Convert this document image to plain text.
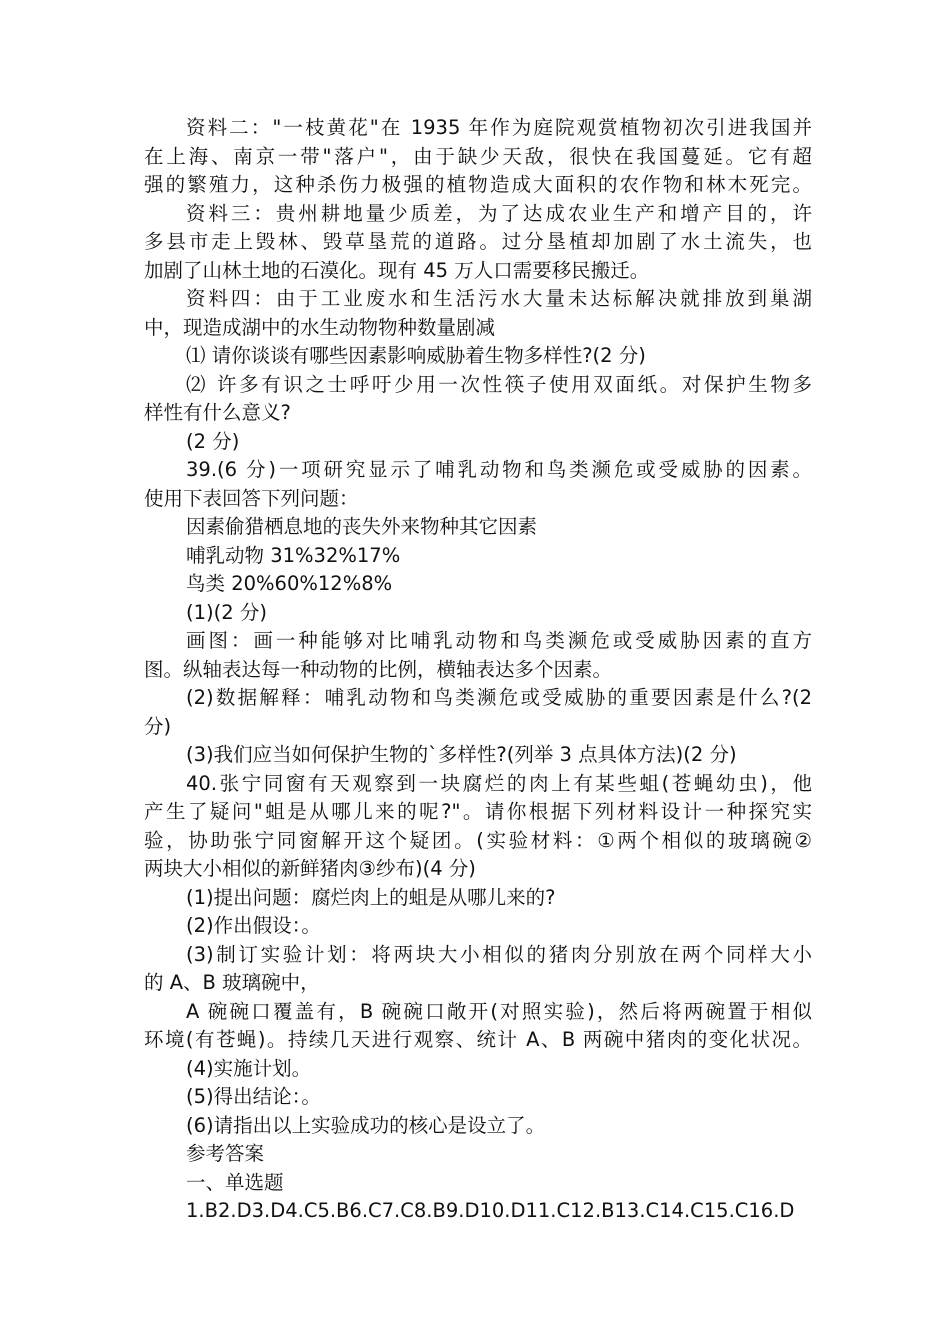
资料二："一枝黄花"在 1935 年作为庭院观赏植物初次引进我国并
在上海、南京一带"落户"，由于缺少天敌，很快在我国蔓延。它有超
强的繁殖力，这种杀伤力极强的植物造成大面积的农作物和林木死完。
资料三：贵州耕地量少质差，为了达成农业生产和增产目的，许
多县市走上毁林、毁草垦荒的道路。过分垦植却加剧了水土流失，也
加剧了山林土地的石漠化。现有 45 万人口需要移民搬迁。
资料四：由于工业废水和生活污水大量未达标解决就排放到巢湖
中，现造成湖中的水生动物物种数量剧减
⑴ 请你谈谈有哪些因素影响威胁着生物多样性?(2 分)
⑵ 许多有识之士呼吁少用一次性筷子使用双面纸。对保护生物多
样性有什么意义?
(2 分)
39.(6 分)一项研究显示了哺乳动物和鸟类濒危或受威胁的因素。
使用下表回答下列问题：
因素偷猎栖息地的丧失外来物种其它因素
哺乳动物 31%32%17%
鸟类 20%60%12%8%
(1)(2 分)
画图：画一种能够对比哺乳动物和鸟类濒危或受威胁因素的直方
图。纵轴表达每一种动物的比例，横轴表达多个因素。
(2)数据解释：哺乳动物和鸟类濒危或受威胁的重要因素是什么?(2
分)
(3)我们应当如何保护生物的`多样性?(列举 3 点具体方法)(2 分)
40.张宁同窗有天观察到一块腐烂的肉上有某些蛆(苍蝇幼虫)，他
产生了疑问"蛆是从哪儿来的呢?"。请你根据下列材料设计一种探究实
验，协助张宁同窗解开这个疑团。(实验材料：①两个相似的玻璃碗②
两块大小相似的新鲜猪肉③纱布)(4 分)
(1)提出问题：腐烂肉上的蛆是从哪儿来的?
(2)作出假设：。
(3)制订实验计划：将两块大小相似的猪肉分别放在两个同样大小
的 A、B 玻璃碗中，
A 碗碗口覆盖有，B 碗碗口敞开(对照实验)，然后将两碗置于相似
环境(有苍蝇)。持续几天进行观察、统计 A、B 两碗中猪肉的变化状况。
(4)实施计划。
(5)得出结论：。
(6)请指出以上实验成功的核心是设立了。
参考答案
一、单选题
1.B2.D3.D4.C5.B6.C7.C8.B9.D10.D11.C12.B13.C14.C15.C16.D
